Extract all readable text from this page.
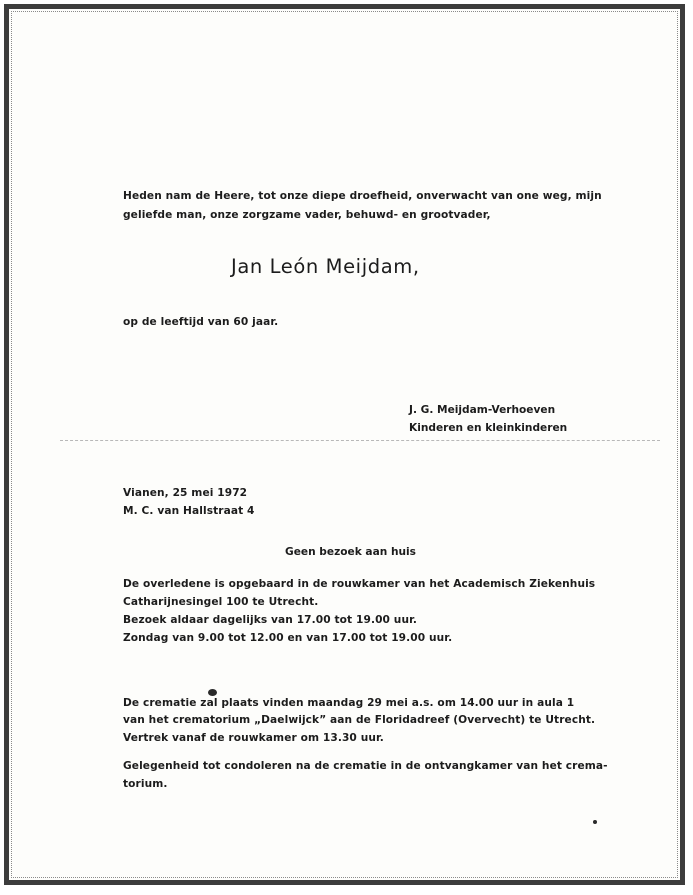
Heden nam de Heere, tot onze diepe droefheid, onverwacht van one weg, mijn
geliefde man, onze zorgzame vader, behuwd- en grootvader,
Jan León Meijdam,
op de leeftijd van 60 jaar.
J. G. Meijdam-Verhoeven
Kinderen en kleinkinderen
Vianen, 25 mei 1972
M. C. van Hallstraat 4
Geen bezoek aan huis
De overledene is opgebaard in de rouwkamer van het Academisch Ziekenhuis
Catharijnesingel 100 te Utrecht.
Bezoek aldaar dagelijks van 17.00 tot 19.00 uur.
Zondag van 9.00 tot 12.00 en van 17.00 tot 19.00 uur.
De crematie zal plaats vinden maandag 29 mei a.s. om 14.00 uur in aula 1
van het crematorium „Daelwijck” aan de Floridadreef (Overvecht) te Utrecht.
Vertrek vanaf de rouwkamer om 13.30 uur.
Gelegenheid tot condoleren na de crematie in de ontvangkamer van het crema-
torium.
